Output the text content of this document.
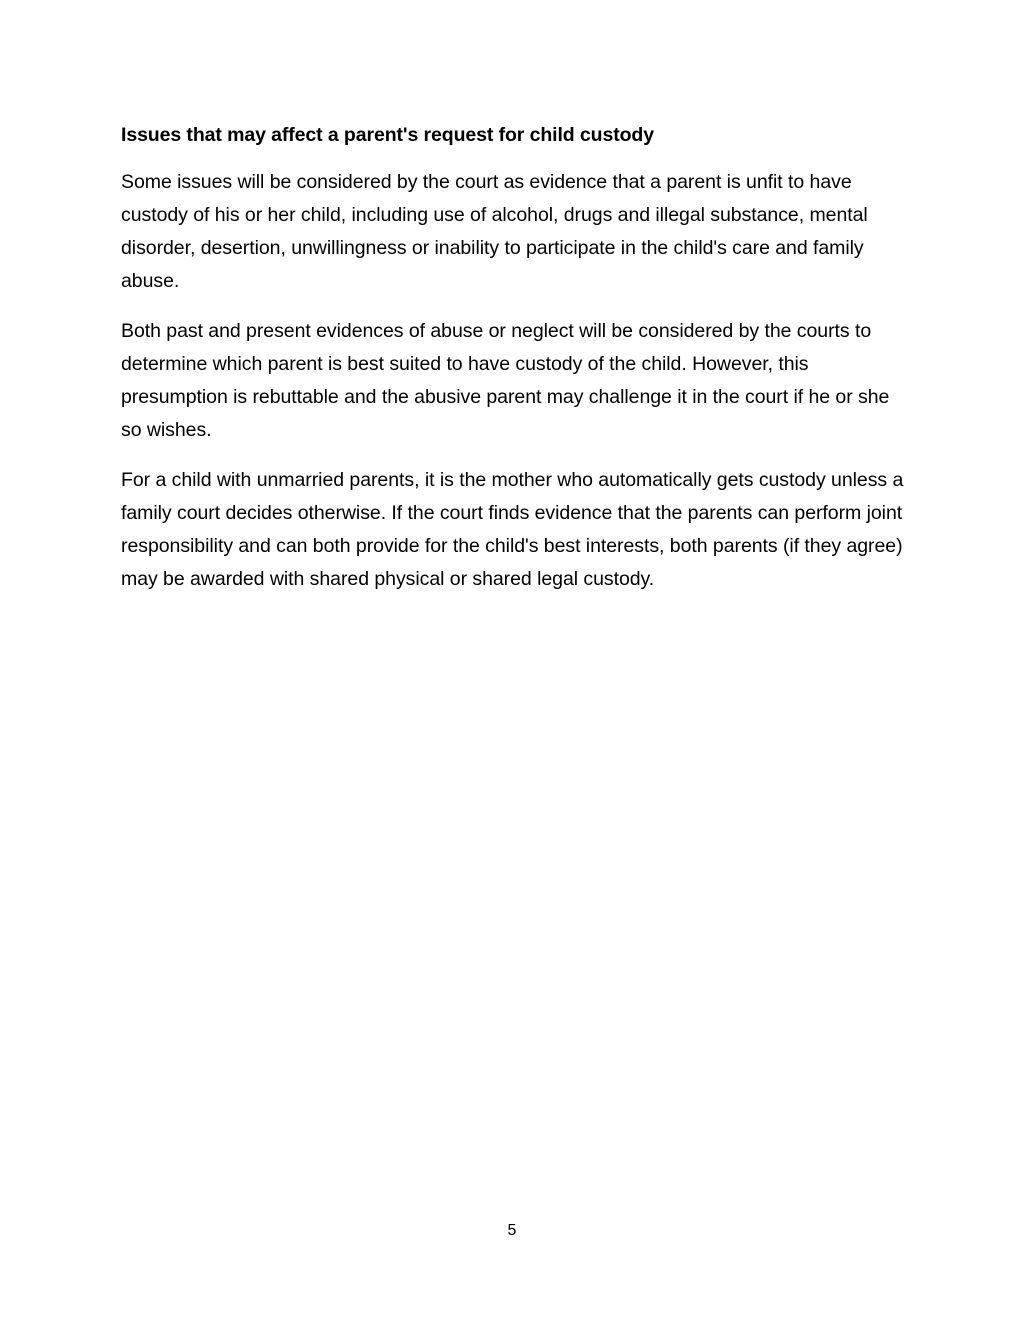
Issues that may affect a parent's request for child custody

Some issues will be considered by the court as evidence that a parent is unfit to have custody of his or her child, including use of alcohol, drugs and illegal substance, mental disorder, desertion, unwillingness or inability to participate in the child's care and family abuse.

Both past and present evidences of abuse or neglect will be considered by the courts to determine which parent is best suited to have custody of the child. However, this presumption is rebuttable and the abusive parent may challenge it in the court if he or she so wishes.

For a child with unmarried parents, it is the mother who automatically gets custody unless a family court decides otherwise. If the court finds evidence that the parents can perform joint responsibility and can both provide for the child's best interests, both parents (if they agree) may be awarded with shared physical or shared legal custody.

5
